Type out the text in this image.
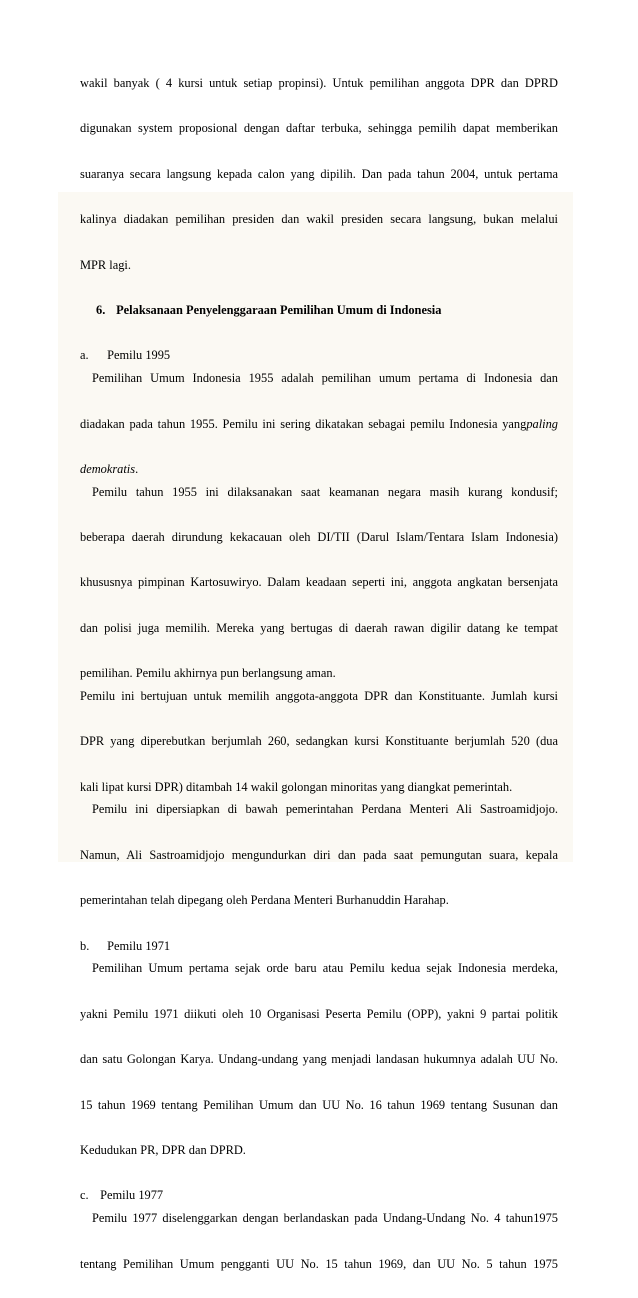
wakil banyak ( 4 kursi untuk setiap propinsi). Untuk pemilihan anggota DPR dan DPRD
digunakan system proposional dengan daftar terbuka, sehingga pemilih dapat memberikan
suaranya secara langsung kepada calon yang dipilih. Dan pada tahun 2004, untuk pertama
kalinya diadakan pemilihan presiden dan wakil presiden secara langsung, bukan melalui
MPR lagi.
6. Pelaksanaan Penyelenggaraan Pemilihan Umum di Indonesia
a. Pemilu 1995
Pemilihan Umum Indonesia 1955 adalah pemilihan umum pertama di Indonesia dan
diadakan pada tahun 1955. Pemilu ini sering dikatakan sebagai pemilu Indonesia yangpaling
demokratis.
Pemilu tahun 1955 ini dilaksanakan saat keamanan negara masih kurang kondusif;
beberapa daerah dirundung kekacauan oleh DI/TII (Darul Islam/Tentara Islam Indonesia)
khususnya pimpinan Kartosuwiryo. Dalam keadaan seperti ini, anggota angkatan bersenjata
dan polisi juga memilih. Mereka yang bertugas di daerah rawan digilir datang ke tempat
pemilihan. Pemilu akhirnya pun berlangsung aman.
Pemilu ini bertujuan untuk memilih anggota-anggota DPR dan Konstituante. Jumlah kursi
DPR yang diperebutkan berjumlah 260, sedangkan kursi Konstituante berjumlah 520 (dua
kali lipat kursi DPR) ditambah 14 wakil golongan minoritas yang diangkat pemerintah.
Pemilu ini dipersiapkan di bawah pemerintahan Perdana Menteri Ali Sastroamidjojo.
Namun, Ali Sastroamidjojo mengundurkan diri dan pada saat pemungutan suara, kepala
pemerintahan telah dipegang oleh Perdana Menteri Burhanuddin Harahap.
b. Pemilu 1971
Pemilihan Umum pertama sejak orde baru atau Pemilu kedua sejak Indonesia merdeka,
yakni Pemilu 1971 diikuti oleh 10 Organisasi Peserta Pemilu (OPP), yakni 9 partai politik
dan satu Golongan Karya. Undang-undang yang menjadi landasan hukumnya adalah UU No.
15 tahun 1969 tentang Pemilihan Umum dan UU No. 16 tahun 1969 tentang Susunan dan
Kedudukan PR, DPR dan DPRD.
c. Pemilu 1977
Pemilu 1977 diselenggarkan dengan berlandaskan pada Undang-Undang No. 4 tahun1975
tentang Pemilihan Umum pengganti UU No. 15 tahun 1969, dan UU No. 5 tahun 1975
